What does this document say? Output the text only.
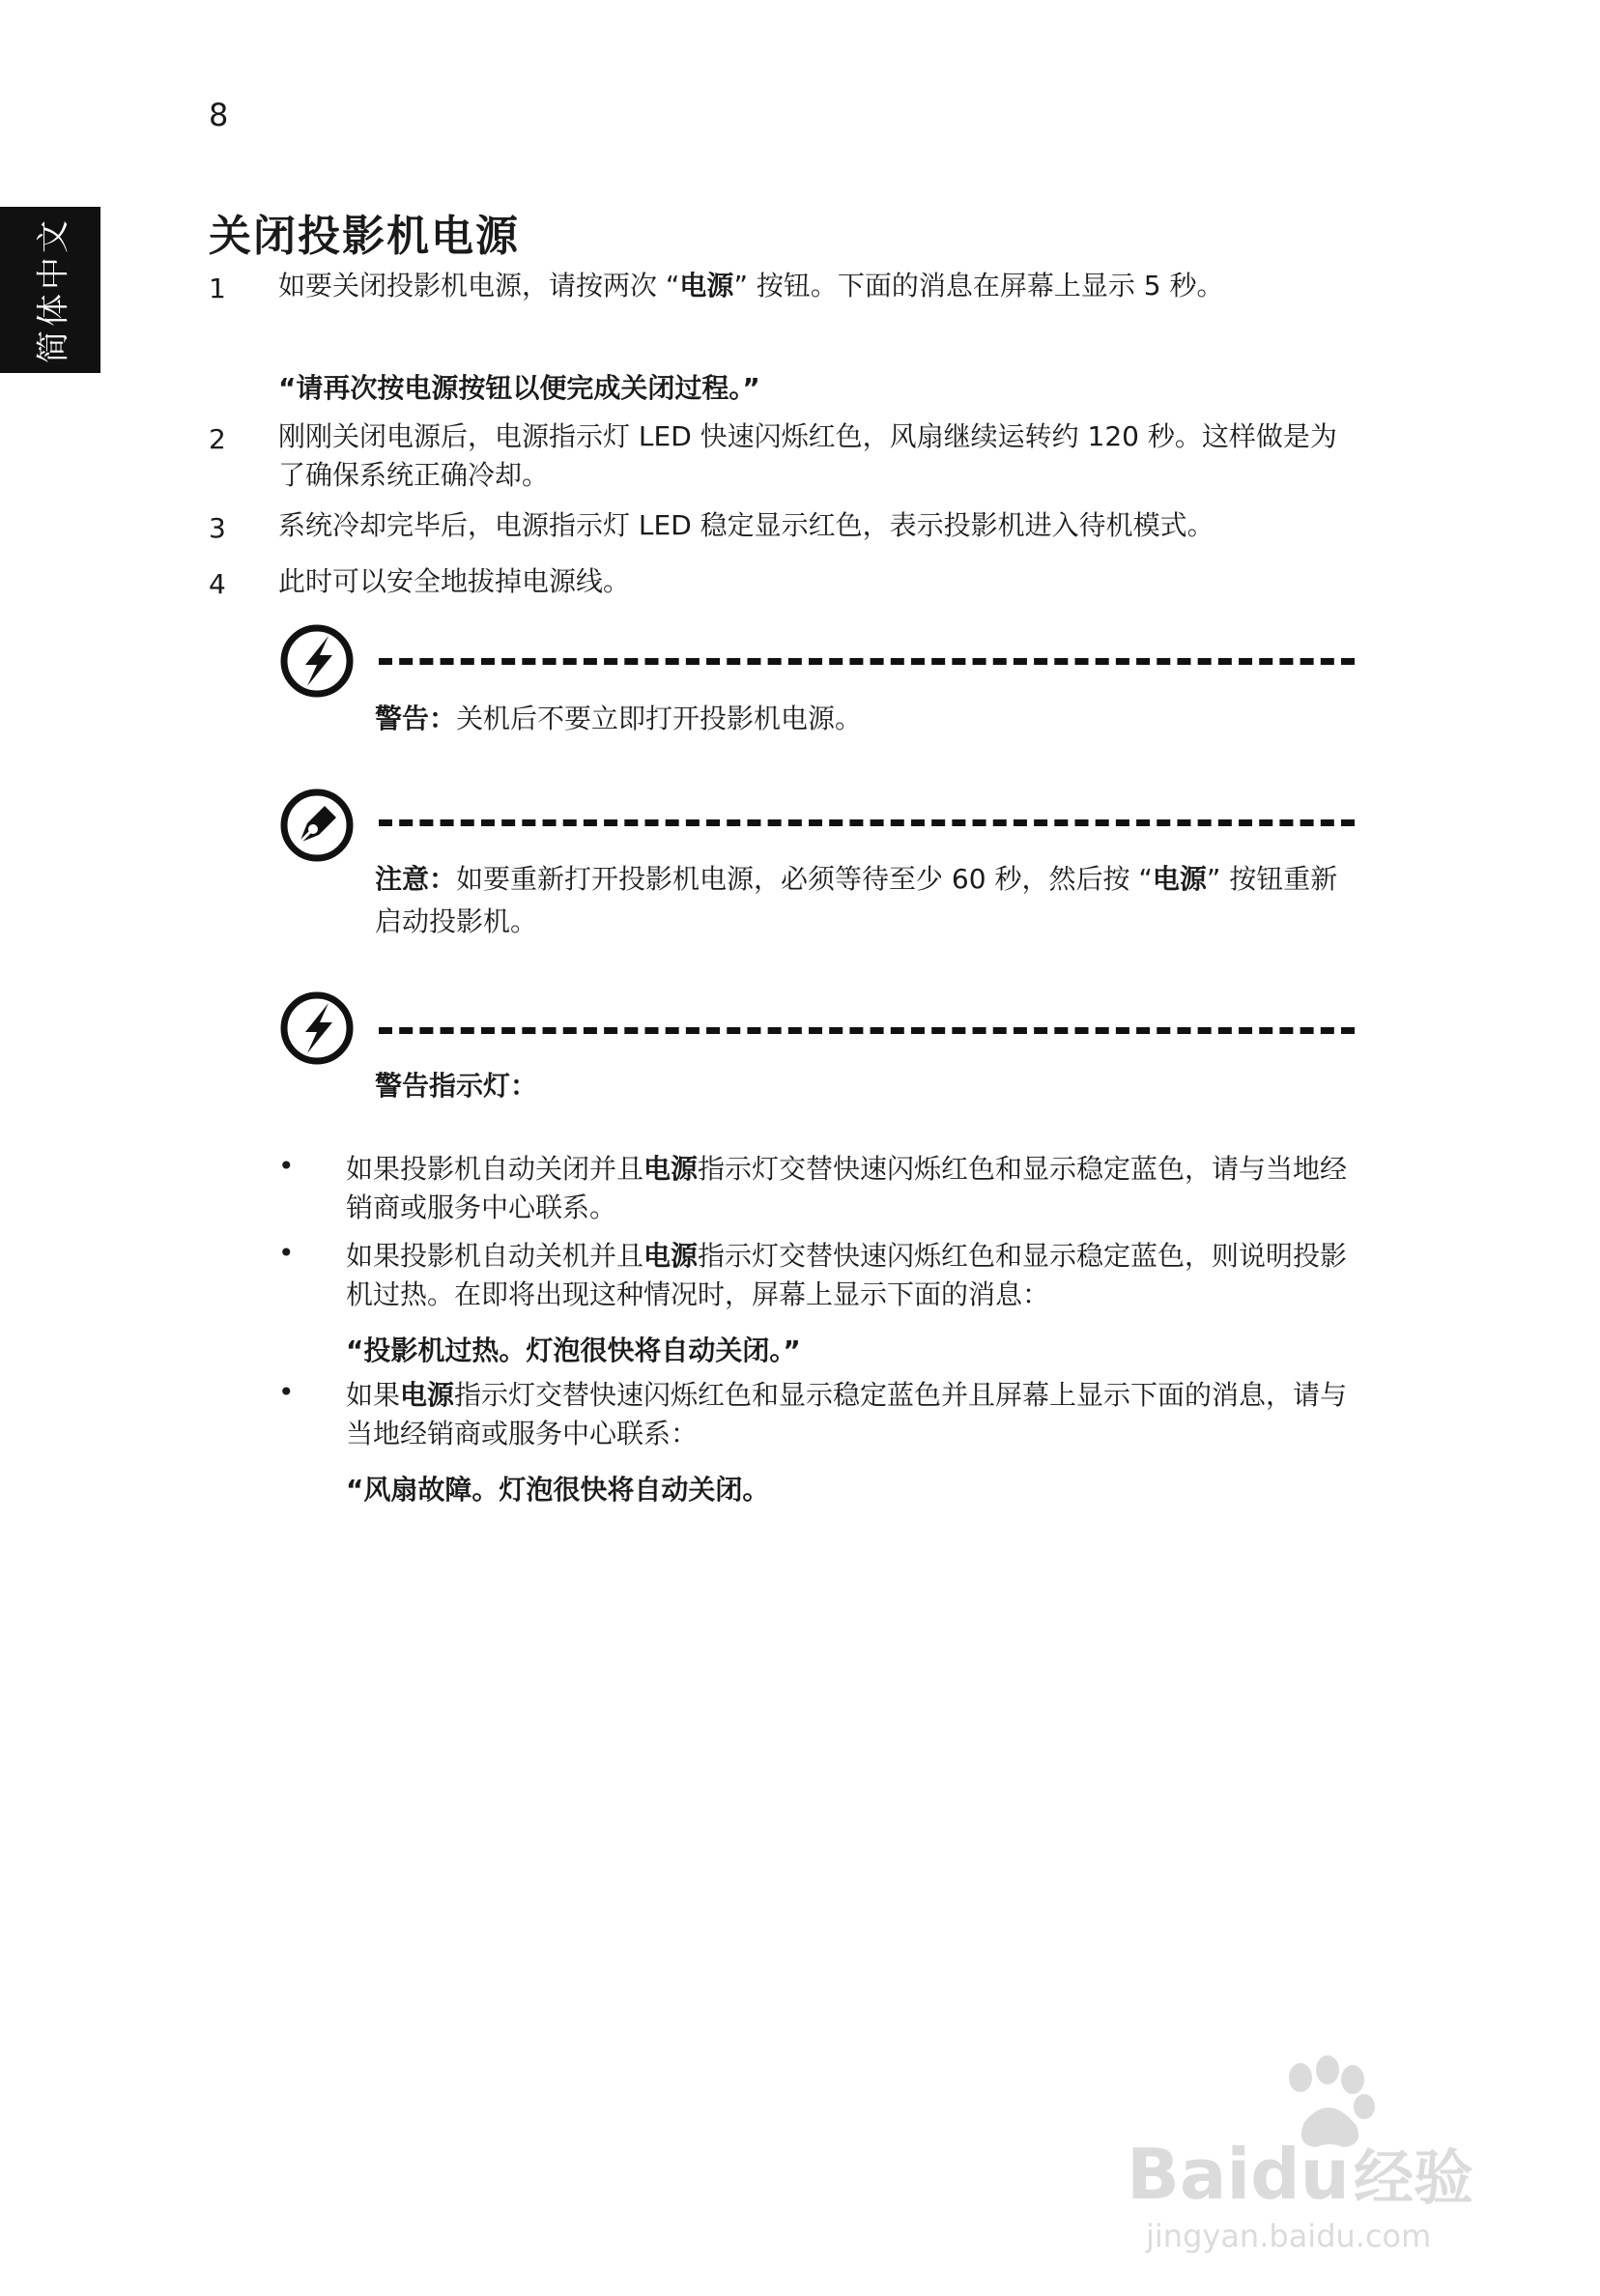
8
简体中文	关闭投影机电源
1 如要关闭投影机电源，请按两次 “电源” 按钮。下面的消息在屏幕上显示 5 秒。
“请再次按电源按钮以便完成关闭过程。”
2 刚刚关闭电源后，电源指示灯 LED 快速闪烁红色，风扇继续运转约 120 秒。这样做是为了确保系统正确冷却。
3 系统冷却完毕后，电源指示灯 LED 稳定显示红色，表示投影机进入待机模式。
4 此时可以安全地拔掉电源线。
警告：关机后不要立即打开投影机电源。
注意：如要重新打开投影机电源，必须等待至少 60 秒，然后按 “电源” 按钮重新启动投影机。
警告指示灯：
• 如果投影机自动关闭并且电源指示灯交替快速闪烁红色和显示稳定蓝色，请与当地经销商或服务中心联系。
• 如果投影机自动关机并且电源指示灯交替快速闪烁红色和显示稳定蓝色，则说明投影机过热。在即将出现这种情况时，屏幕上显示下面的消息：
“投影机过热。灯泡很快将自动关闭。”
• 如果电源指示灯交替快速闪烁红色和显示稳定蓝色并且屏幕上显示下面的消息，请与当地经销商或服务中心联系：
“风扇故障。灯泡很快将自动关闭。
Baidu 经验
jingyan.baidu.com
